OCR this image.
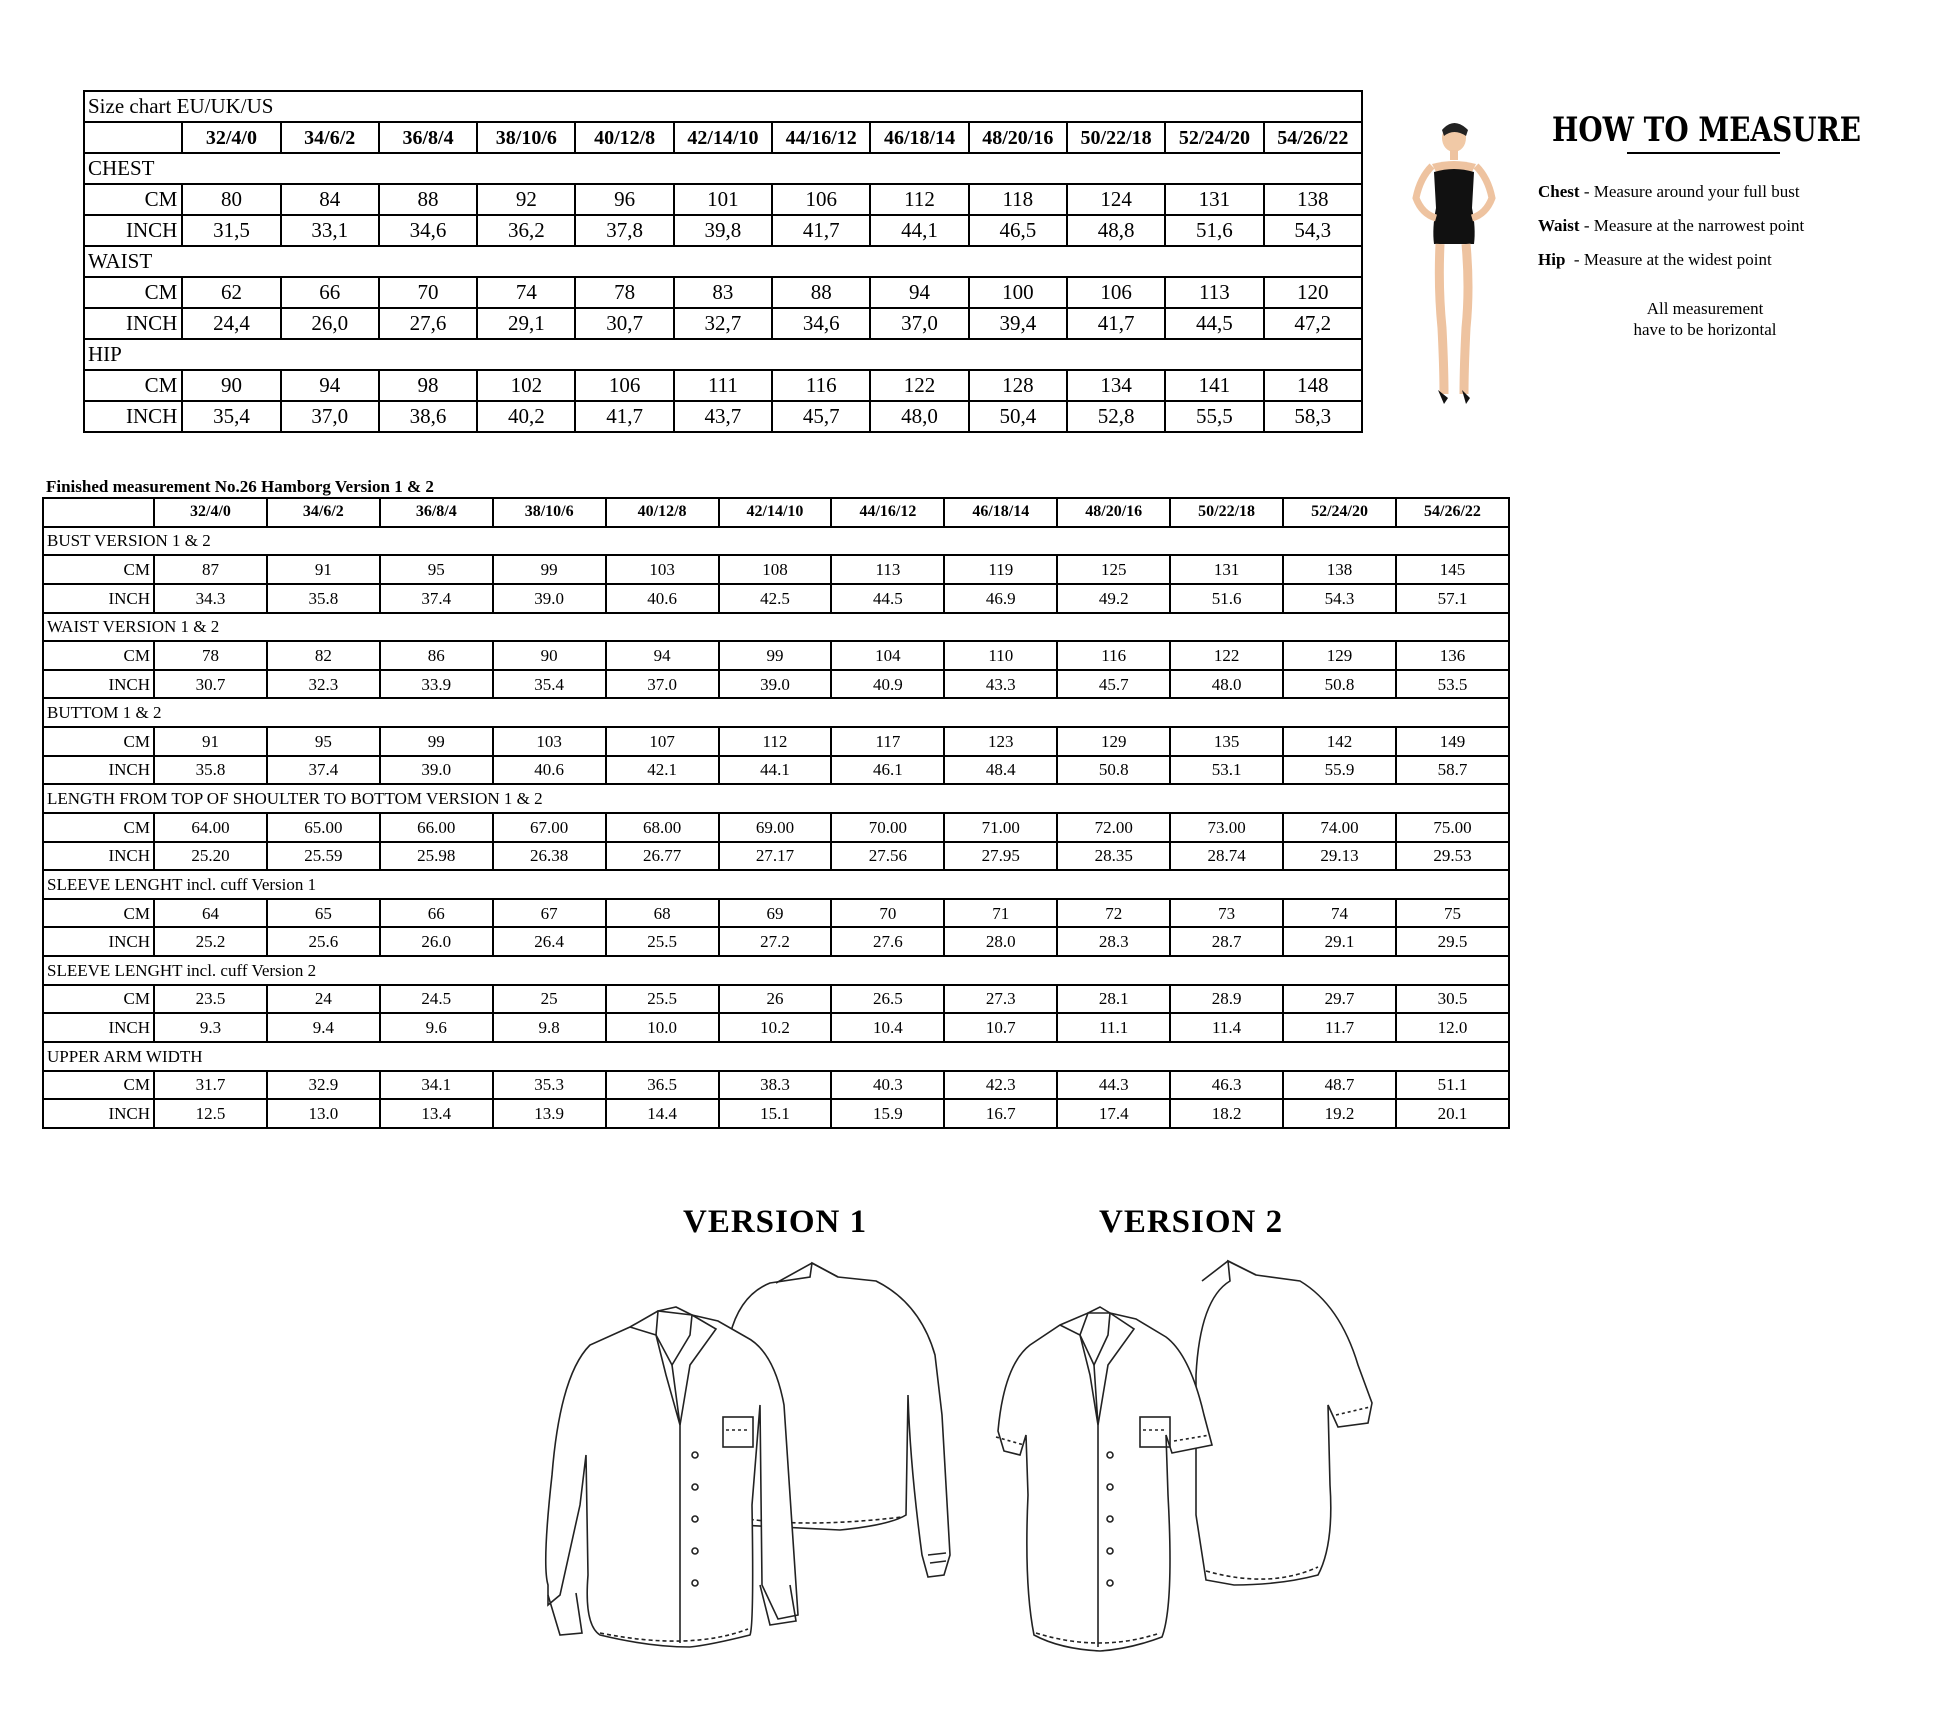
Size chart EU/UK/US												
	32/4/0	34/6/2	36/8/4	38/10/6	40/12/8	42/14/10	44/16/12	46/18/14	48/20/16	50/22/18	52/24/20	54/26/22
CHEST												
CM	80	84	88	92	96	101	106	112	118	124	131	138
INCH	31,5	33,1	34,6	36,2	37,8	39,8	41,7	44,1	46,5	48,8	51,6	54,3
WAIST												
CM	62	66	70	74	78	83	88	94	100	106	113	120
INCH	24,4	26,0	27,6	29,1	30,7	32,7	34,6	37,0	39,4	41,7	44,5	47,2
HIP												
CM	90	94	98	102	106	111	116	122	128	134	141	148
INCH	35,4	37,0	38,6	40,2	41,7	43,7	45,7	48,0	50,4	52,8	55,5	58,3
HOW TO MEASURE
Chest - Measure around your full bust
Waist - Measure at the narrowest point
Hip  - Measure at the widest point
All measurement
have to be horizontal
Finished measurement No.26 Hamborg Version 1 & 2
	32/4/0	34/6/2	36/8/4	38/10/6	40/12/8	42/14/10	44/16/12	46/18/14	48/20/16	50/22/18	52/24/20	54/26/22
BUST VERSION 1 & 2												
CM	87	91	95	99	103	108	113	119	125	131	138	145
INCH	34.3	35.8	37.4	39.0	40.6	42.5	44.5	46.9	49.2	51.6	54.3	57.1
WAIST VERSION 1 & 2												
CM	78	82	86	90	94	99	104	110	116	122	129	136
INCH	30.7	32.3	33.9	35.4	37.0	39.0	40.9	43.3	45.7	48.0	50.8	53.5
BUTTOM 1 & 2												
CM	91	95	99	103	107	112	117	123	129	135	142	149
INCH	35.8	37.4	39.0	40.6	42.1	44.1	46.1	48.4	50.8	53.1	55.9	58.7
LENGTH FROM TOP OF SHOULTER TO BOTTOM VERSION 1 & 2												
CM	64.00	65.00	66.00	67.00	68.00	69.00	70.00	71.00	72.00	73.00	74.00	75.00
INCH	25.20	25.59	25.98	26.38	26.77	27.17	27.56	27.95	28.35	28.74	29.13	29.53
SLEEVE LENGHT incl. cuff Version 1												
CM	64	65	66	67	68	69	70	71	72	73	74	75
INCH	25.2	25.6	26.0	26.4	25.5	27.2	27.6	28.0	28.3	28.7	29.1	29.5
SLEEVE LENGHT incl. cuff Version 2												
CM	23.5	24	24.5	25	25.5	26	26.5	27.3	28.1	28.9	29.7	30.5
INCH	9.3	9.4	9.6	9.8	10.0	10.2	10.4	10.7	11.1	11.4	11.7	12.0
UPPER ARM WIDTH												
CM	31.7	32.9	34.1	35.3	36.5	38.3	40.3	42.3	44.3	46.3	48.7	51.1
INCH	12.5	13.0	13.4	13.9	14.4	15.1	15.9	16.7	17.4	18.2	19.2	20.1
VERSION 1	VERSION 2
